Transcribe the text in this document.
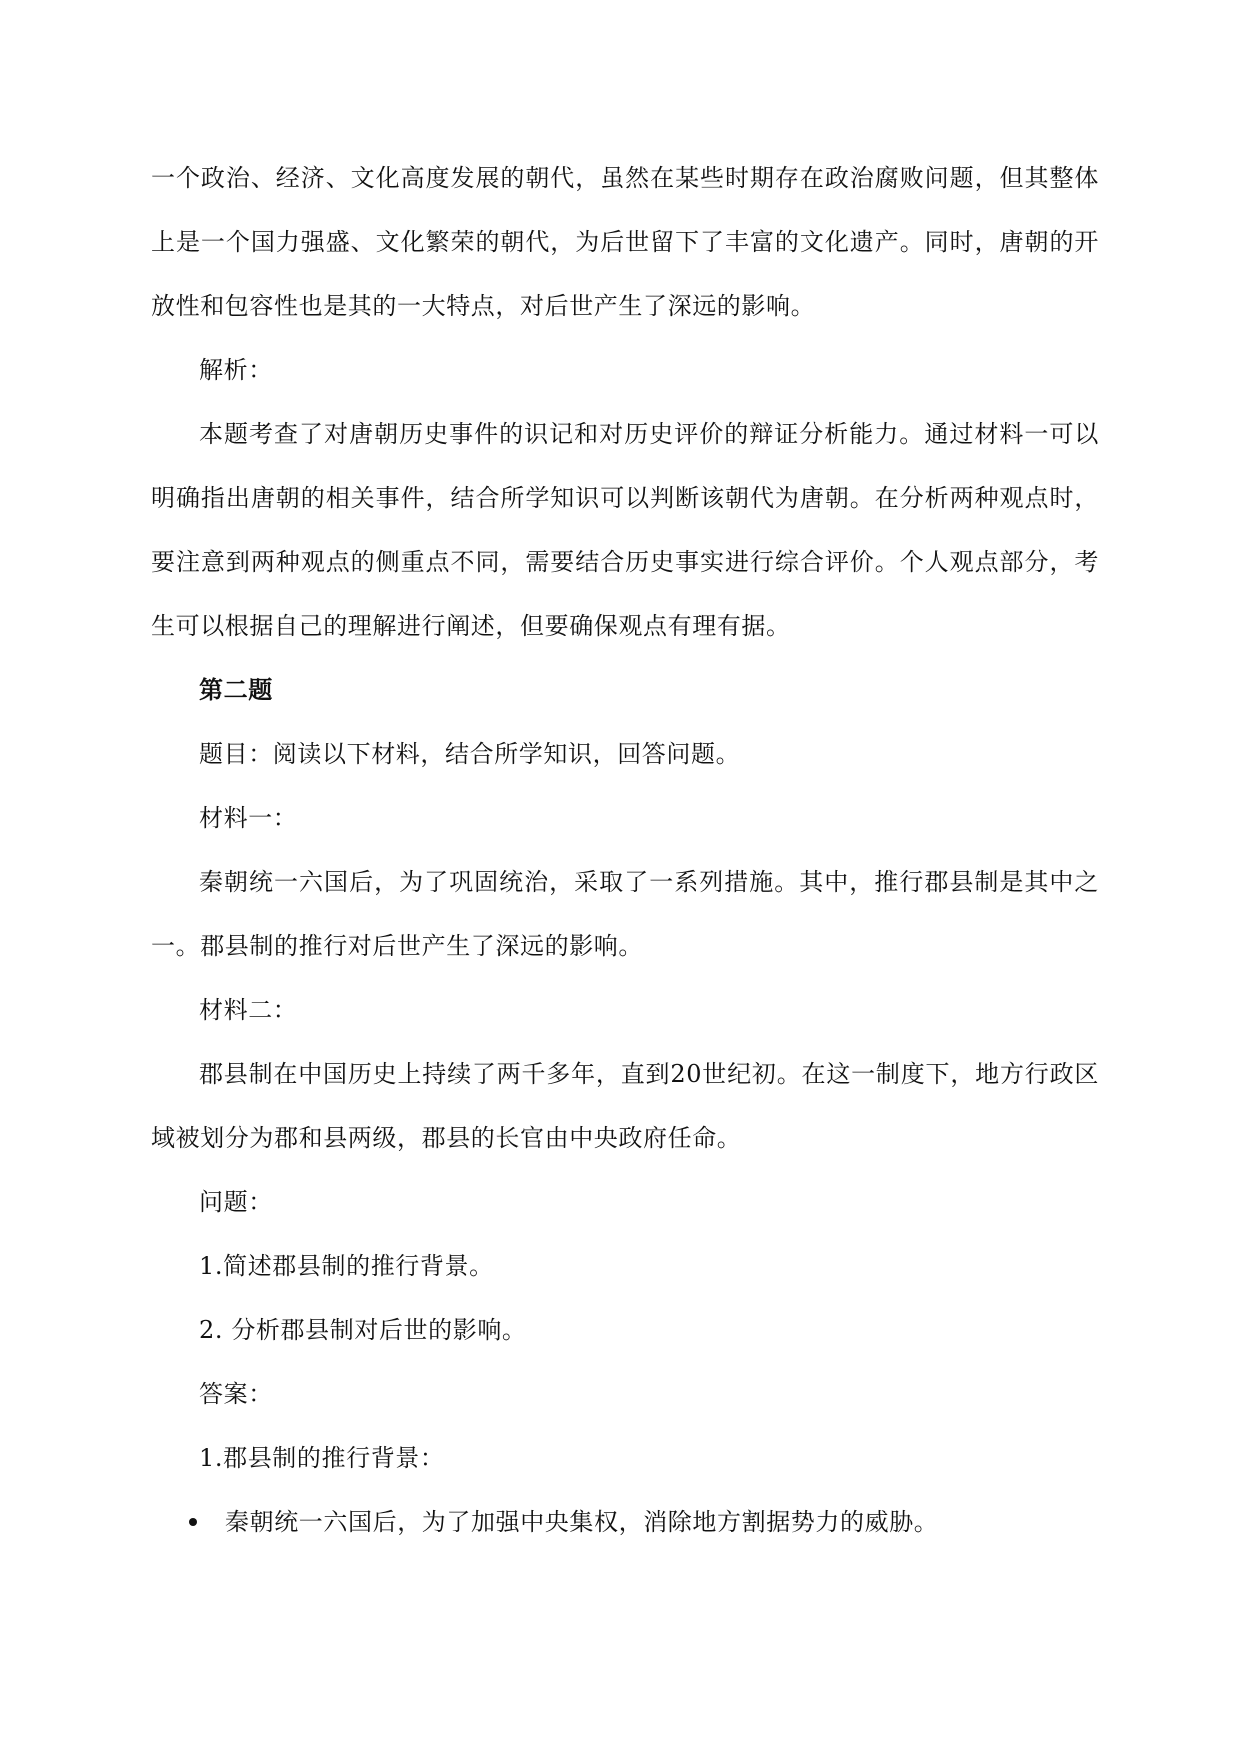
一个政治、经济、文化高度发展的朝代，虽然在某些时期存在政治腐败问题，但其整体上是一个国力强盛、文化繁荣的朝代，为后世留下了丰富的文化遗产。同时，唐朝的开放性和包容性也是其的一大特点，对后世产生了深远的影响。

解析：

本题考查了对唐朝历史事件的识记和对历史评价的辩证分析能力。通过材料一可以明确指出唐朝的相关事件，结合所学知识可以判断该朝代为唐朝。在分析两种观点时，要注意到两种观点的侧重点不同，需要结合历史事实进行综合评价。个人观点部分，考生可以根据自己的理解进行阐述，但要确保观点有理有据。

第二题

题目：阅读以下材料，结合所学知识，回答问题。

材料一：

秦朝统一六国后，为了巩固统治，采取了一系列措施。其中，推行郡县制是其中之一。郡县制的推行对后世产生了深远的影响。

材料二：

郡县制在中国历史上持续了两千多年，直到20世纪初。在这一制度下，地方行政区域被划分为郡和县两级，郡县的长官由中央政府任命。

问题：

1.简述郡县制的推行背景。

2. 分析郡县制对后世的影响。

答案：

1.郡县制的推行背景：

秦朝统一六国后，为了加强中央集权，消除地方割据势力的威胁。
